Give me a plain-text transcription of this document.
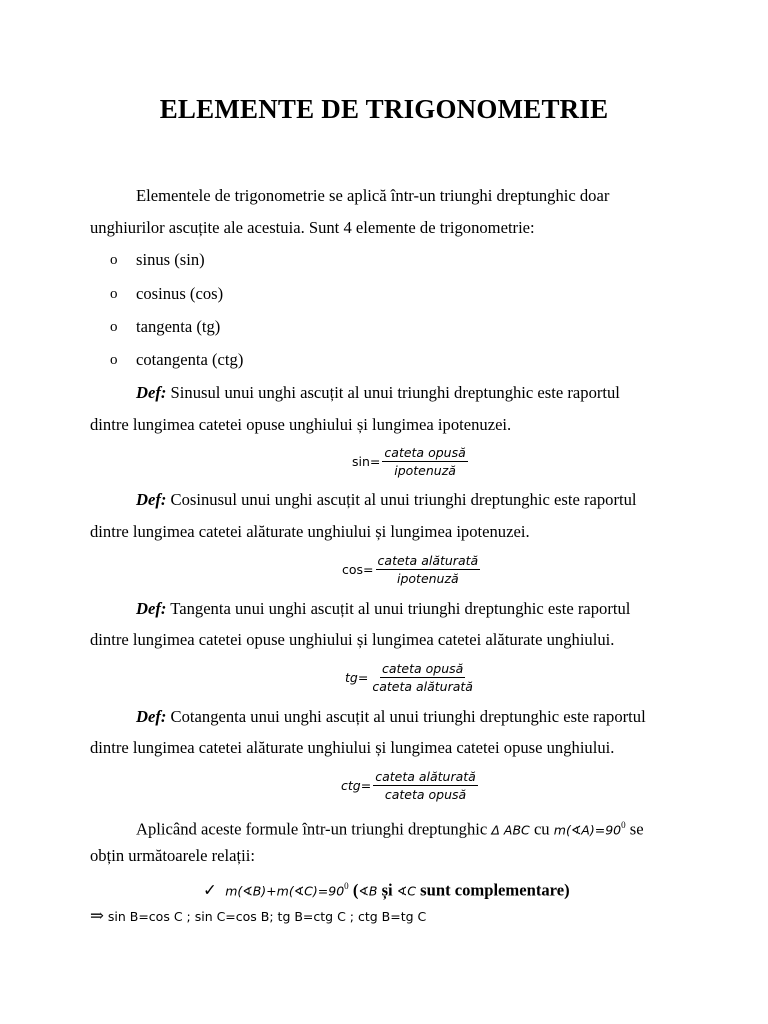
ELEMENTE DE TRIGONOMETRIE
Elementele de trigonometrie se aplică într-un triunghi dreptunghic doar
unghiurilor ascuțite ale acestuia. Sunt 4 elemente de trigonometrie:
o sinus (sin)
o cosinus (cos)
o tangenta (tg)
o cotangenta (ctg)
Def: Sinusul unui unghi ascuțit al unui triunghi dreptunghic este raportul
dintre lungimea catetei opuse unghiului și lungimea ipotenuzei.
$\sin = \frac{\text{cateta opusă}}{\text{ipotenuză}}$
Def: Cosinusul unui unghi ascuțit al unui triunghi dreptunghic este raportul
dintre lungimea catetei alăturate unghiului și lungimea ipotenuzei.
$\cos = \frac{\text{cateta alăturată}}{\text{ipotenuză}}$
Def: Tangenta unui unghi ascuțit al unui triunghi dreptunghic este raportul
dintre lungimea catetei opuse unghiului și lungimea catetei alăturate unghiului.
tg = $\frac{\text{cateta opusă}}{\text{cateta alăturată}}$
Def: Cotangenta unui unghi ascuțit al unui triunghi dreptunghic este raportul
dintre lungimea catetei alăturate unghiului și lungimea catetei opuse unghiului.
ctg = $\frac{\text{cateta alăturată}}{\text{cateta opusă}}$
Aplicând aceste formule într-un triunghi dreptunghic Δ ABC cu $m(∢A)=90^0$ se
obțin următoarele relații:
✓ $m(∢B)+m(∢C)=90^0$ (∢B și ∢C sunt complementare)
⇒ sin B=cos C ; sin C=cos B; tg B=ctg C ; ctg B=tg C
